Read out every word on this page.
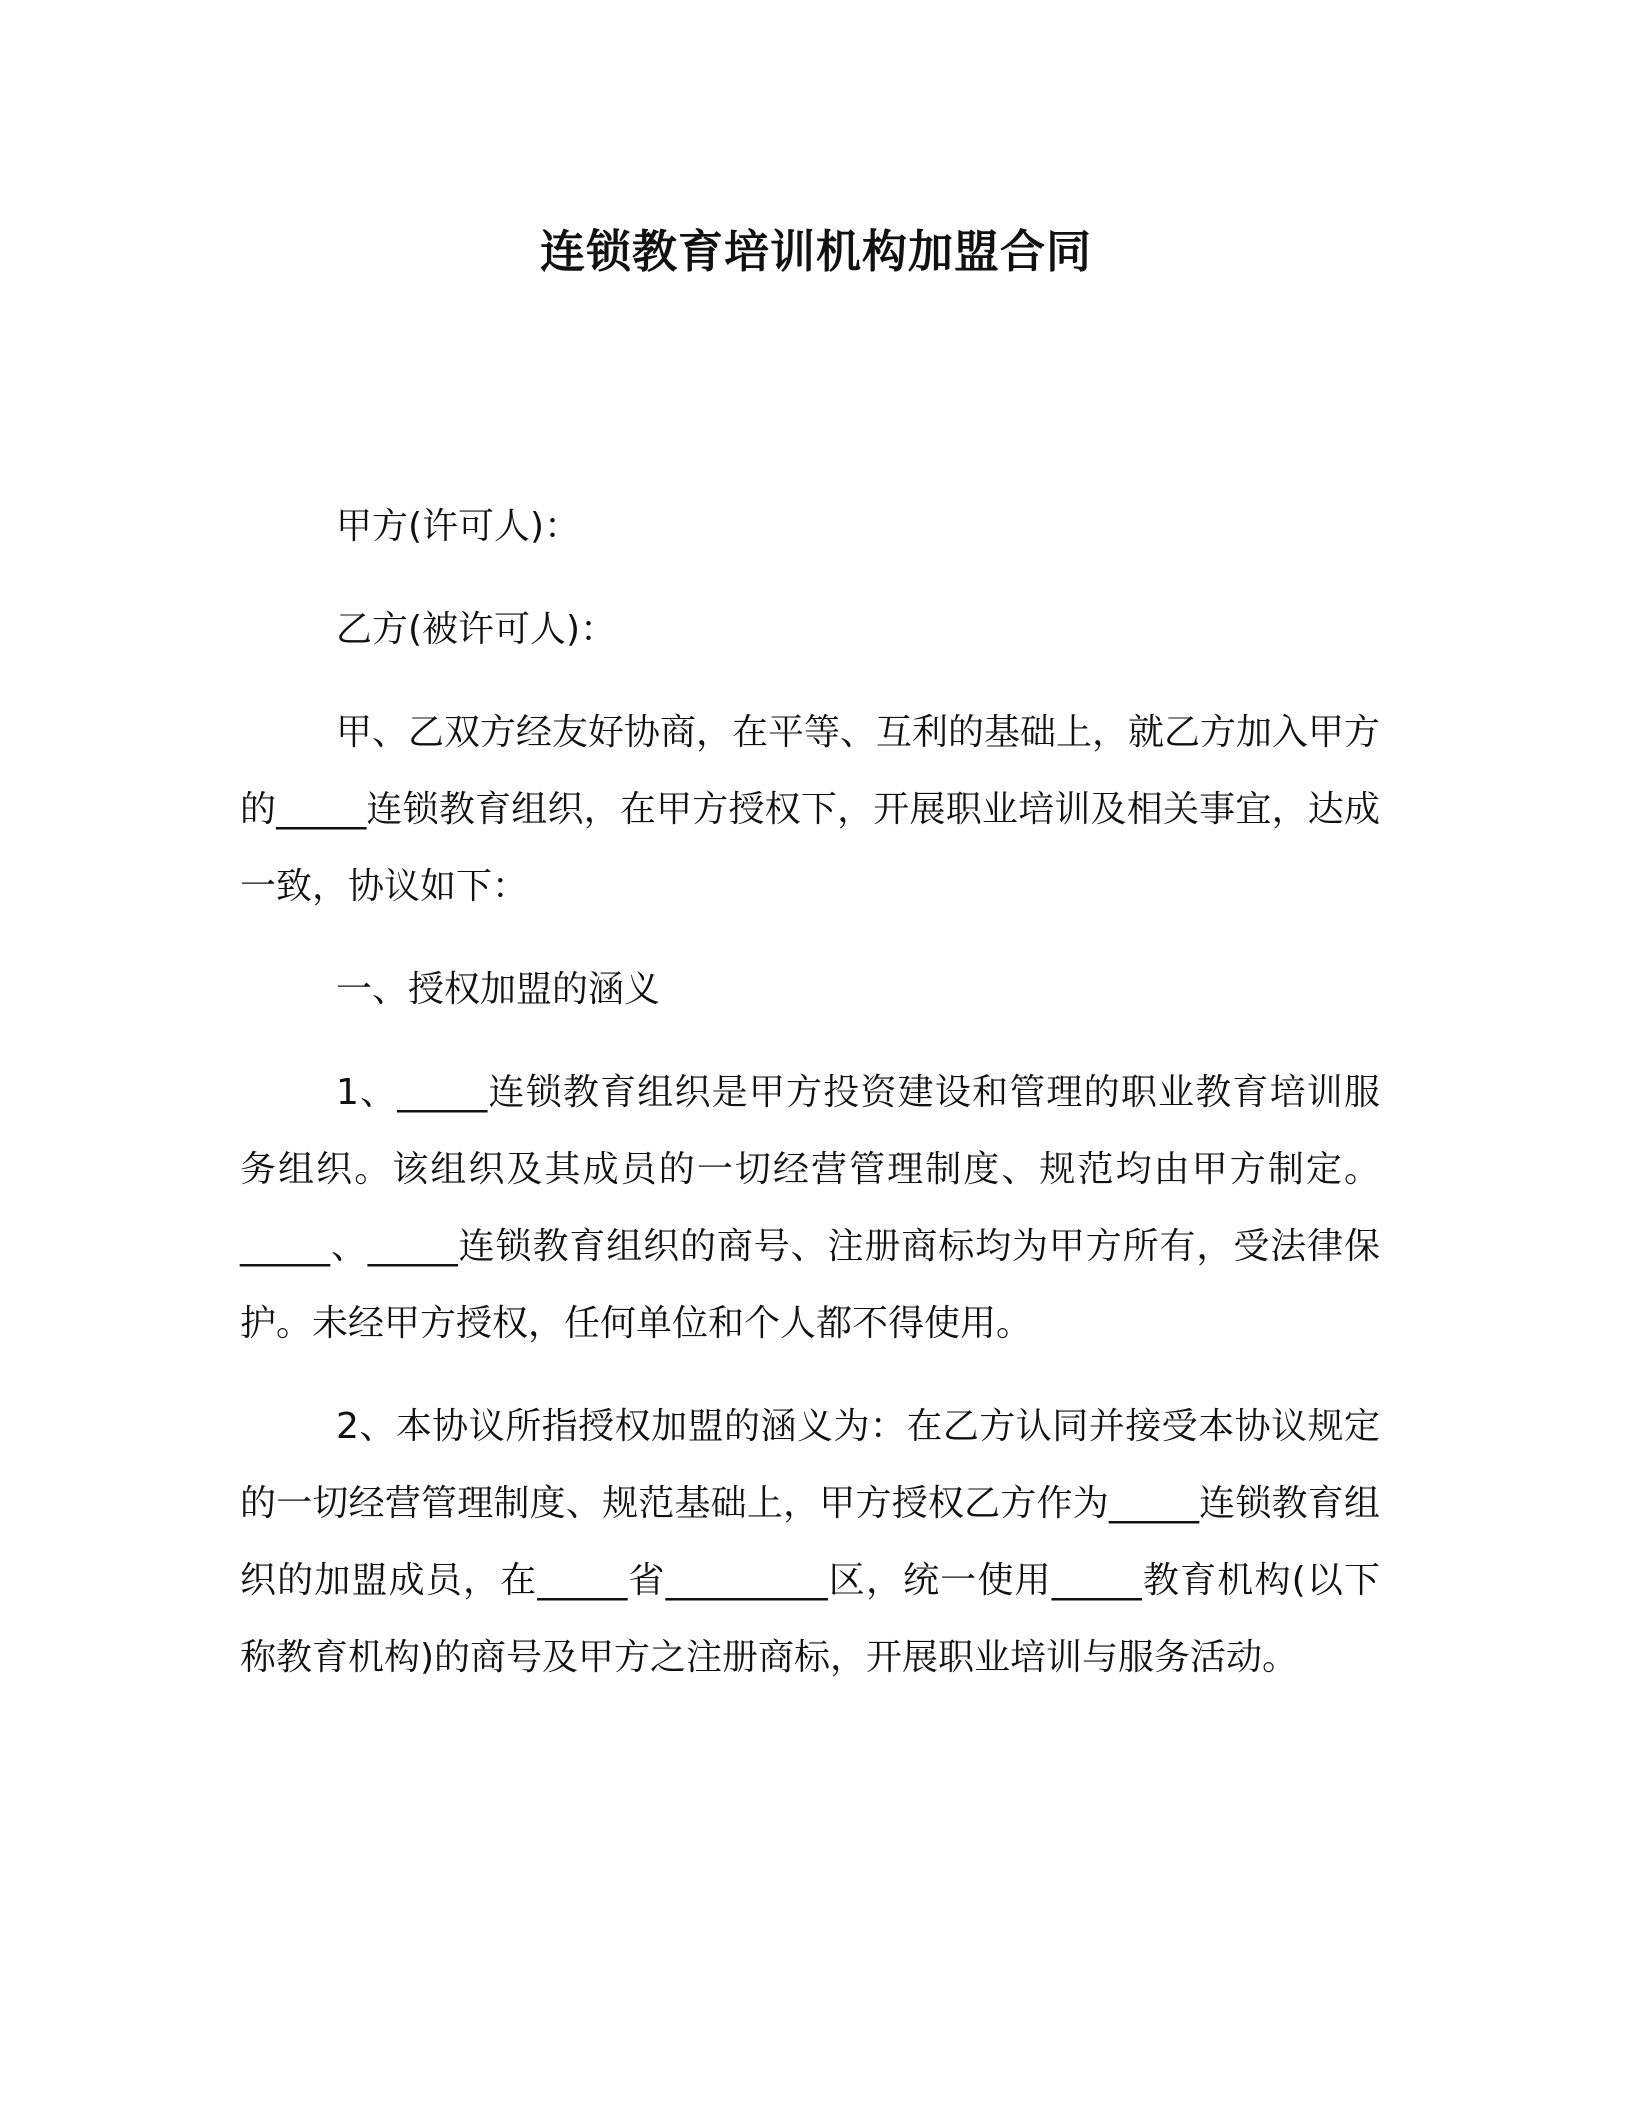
连锁教育培训机构加盟合同

甲方(许可人)：

乙方(被许可人)：

甲、乙双方经友好协商，在平等、互利的基础上，就乙方加入甲方的_____连锁教育组织，在甲方授权下，开展职业培训及相关事宜，达成一致，协议如下：

一、授权加盟的涵义

1、_____连锁教育组织是甲方投资建设和管理的职业教育培训服务组织。该组织及其成员的一切经营管理制度、规范均由甲方制定。_____、_____连锁教育组织的商号、注册商标均为甲方所有，受法律保护。未经甲方授权，任何单位和个人都不得使用。

2、本协议所指授权加盟的涵义为：在乙方认同并接受本协议规定的一切经营管理制度、规范基础上，甲方授权乙方作为_____连锁教育组织的加盟成员，在_____省_________区，统一使用_____教育机构(以下称教育机构)的商号及甲方之注册商标，开展职业培训与服务活动。
